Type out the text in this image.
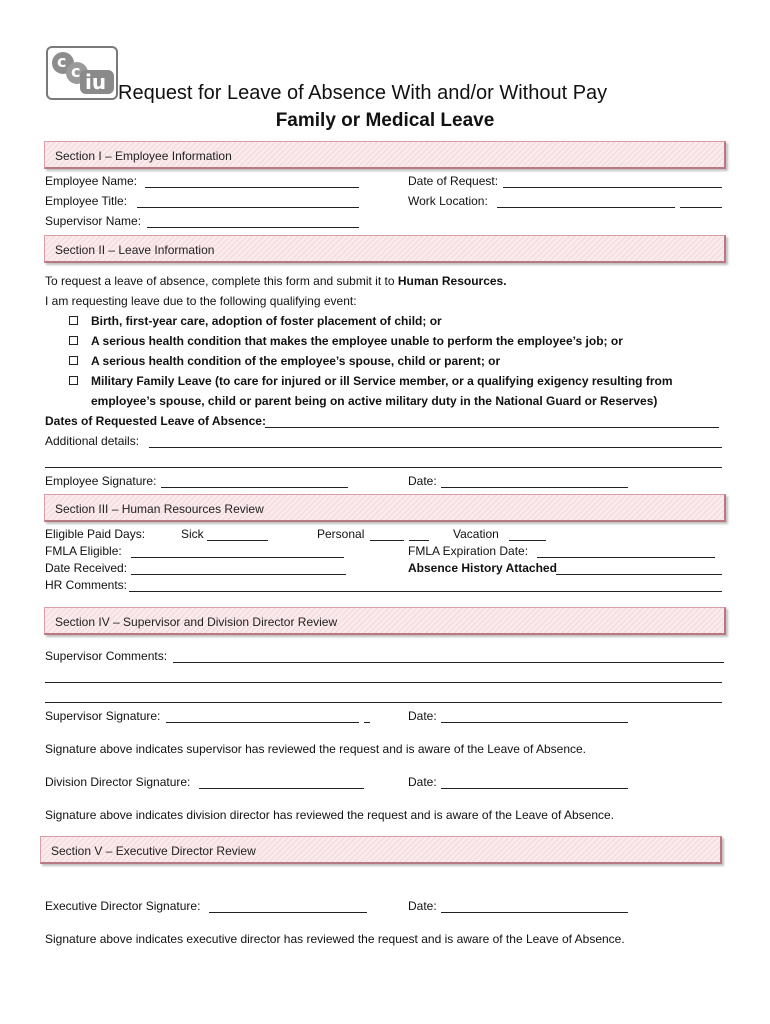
c
c iu Request for Leave of Absence With and/or Without Pay
Family or Medical Leave
Section I – Employee Information
Employee Name:	Date of Request:
Employee Title:	Work Location:
Supervisor Name:
Section II – Leave Information
To request a leave of absence, complete this form and submit it to Human Resources.
I am requesting leave due to the following qualifying event:
Birth, first-year care, adoption of foster placement of child; or
A serious health condition that makes the employee unable to perform the employee’s job; or
A serious health condition of the employee’s spouse, child or parent; or
Military Family Leave (to care for injured or ill Service member, or a qualifying exigency resulting from
employee’s spouse, child or parent being on active military duty in the National Guard or Reserves)
Dates of Requested Leave of Absence:
Additional details:
Employee Signature:	Date:
Section III – Human Resources Review
Eligible Paid Days:	Sick	Personal	Vacation
FMLA Eligible:	FMLA Expiration Date:
Date Received:	Absence History Attached
HR Comments:
Section IV – Supervisor and Division Director Review
Supervisor Comments:
Supervisor Signature:	Date:
Signature above indicates supervisor has reviewed the request and is aware of the Leave of Absence.
Division Director Signature:	Date:
Signature above indicates division director has reviewed the request and is aware of the Leave of Absence.
Section V – Executive Director Review
Executive Director Signature:	Date:
Signature above indicates executive director has reviewed the request and is aware of the Leave of Absence.
